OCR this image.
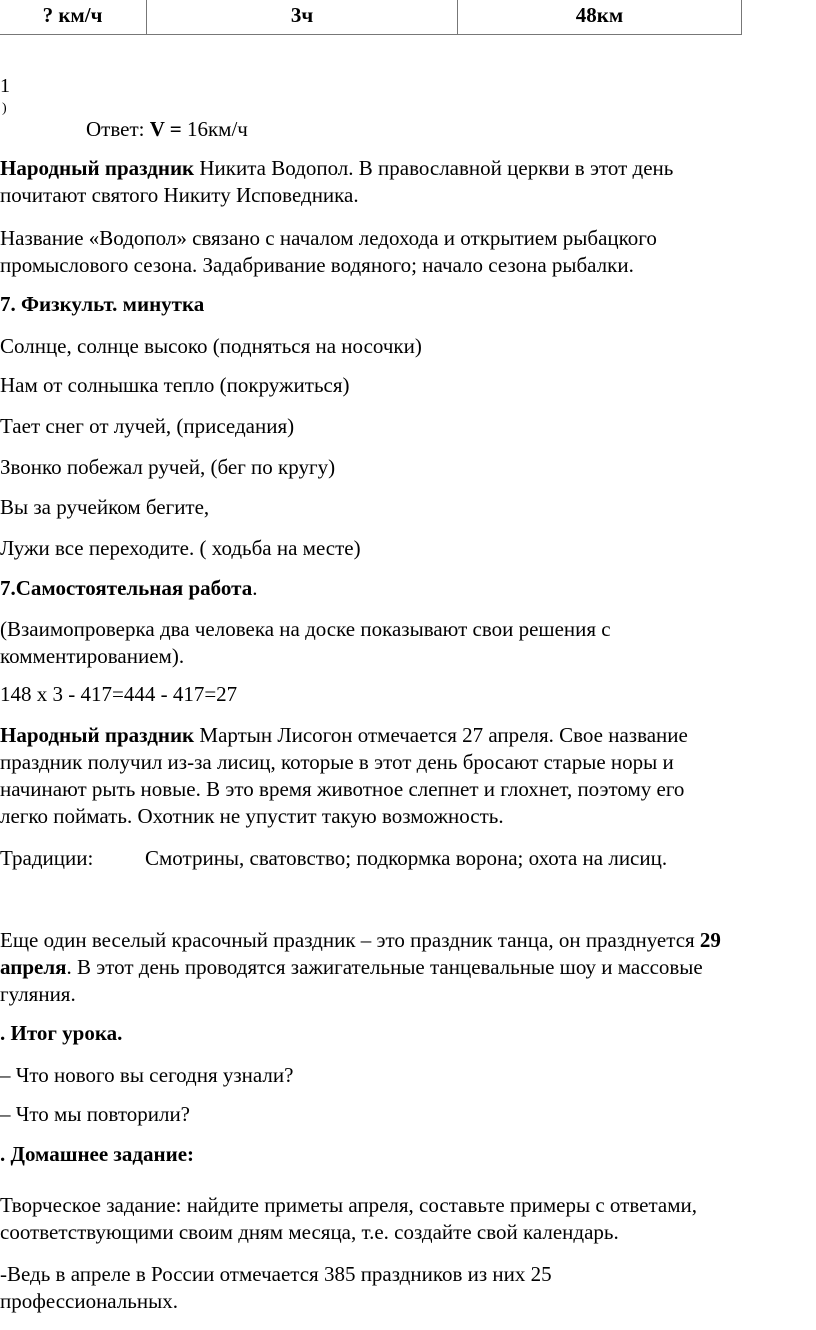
? км/ч	3ч	48км
1
)
Ответ: V = 16км/ч
Народный праздник Никита Водопол. В православной церкви в этот день
почитают святого Никиту Исповедника.
Название «Водопол» связано с началом ледохода и открытием рыбацкого
промыслового сезона. Задабривание водяного; начало сезона рыбалки.
7. Физкульт. минутка
Солнце, солнце высоко (подняться на носочки)
Нам от солнышка тепло (покружиться)
Тает снег от лучей, (приседания)
Звонко побежал ручей, (бег по кругу)
Вы за ручейком бегите,
Лужи все переходите. ( ходьба на месте)
7.Самостоятельная работа.
(Взаимопроверка два человека на доске показывают свои решения с
комментированием).
148 х 3 - 417=444 - 417=27
Народный праздник Мартын Лисогон отмечается 27 апреля. Свое название
праздник получил из-за лисиц, которые в этот день бросают старые норы и
начинают рыть новые. В это время животное слепнет и глохнет, поэтому его
легко поймать. Охотник не упустит такую возможность.
Традиции: Смотрины, сватовство; подкормка ворона; охота на лисиц.
Еще один веселый красочный праздник – это праздник танца, он празднуется 29
апреля. В этот день проводятся зажигательные танцевальные шоу и массовые
гуляния.
. Итог урока.
– Что нового вы сегодня узнали?
– Что мы повторили?
. Домашнее задание:
Творческое задание: найдите приметы апреля, составьте примеры с ответами,
соответствующими своим дням месяца, т.е. создайте свой календарь.
-Ведь в апреле в России отмечается 385 праздников из них 25
профессиональных.
